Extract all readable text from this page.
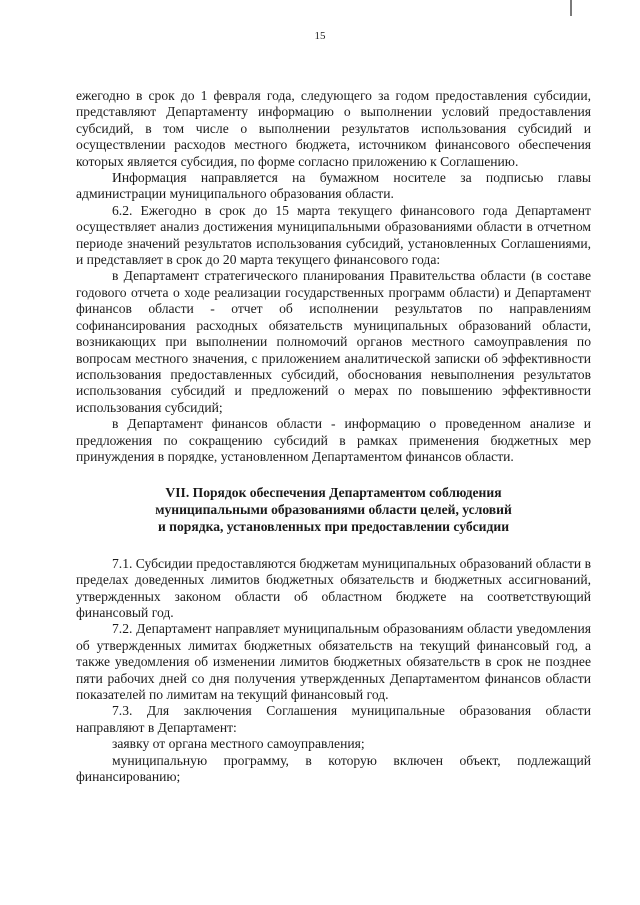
15

ежегодно в срок до 1 февраля года, следующего за годом предоставления субсидии, представляют Департаменту информацию о выполнении условий предоставления субсидий, в том числе о выполнении результатов использования субсидий и осуществлении расходов местного бюджета, источником финансового обеспечения которых является субсидия, по форме согласно приложению к Соглашению.

Информация направляется на бумажном носителе за подписью главы администрации муниципального образования области.

6.2. Ежегодно в срок до 15 марта текущего финансового года Департамент осуществляет анализ достижения муниципальными образованиями области в отчетном периоде значений результатов использования субсидий, установленных Соглашениями, и представляет в срок до 20 марта текущего финансового года:

в Департамент стратегического планирования Правительства области (в составе годового отчета о ходе реализации государственных программ области) и Департамент финансов области - отчет об исполнении результатов по направлениям софинансирования расходных обязательств муниципальных образований области, возникающих при выполнении полномочий органов местного самоуправления по вопросам местного значения, с приложением аналитической записки об эффективности использования предоставленных субсидий, обоснования невыполнения результатов использования субсидий и предложений о мерах по повышению эффективности использования субсидий;

в Департамент финансов области - информацию о проведенном анализе и предложения по сокращению субсидий в рамках применения бюджетных мер принуждения в порядке, установленном Департаментом финансов области.

VII. Порядок обеспечения Департаментом соблюдения
муниципальными образованиями области целей, условий
и порядка, установленных при предоставлении субсидии

7.1. Субсидии предоставляются бюджетам муниципальных образований области в пределах доведенных лимитов бюджетных обязательств и бюджетных ассигнований, утвержденных законом области об областном бюджете на соответствующий финансовый год.

7.2. Департамент направляет муниципальным образованиям области уведомления об утвержденных лимитах бюджетных обязательств на текущий финансовый год, а также уведомления об изменении лимитов бюджетных обязательств в срок не позднее пяти рабочих дней со дня получения утвержденных Департаментом финансов области показателей по лимитам на текущий финансовый год.

7.3. Для заключения Соглашения муниципальные образования области направляют в Департамент:

заявку от органа местного самоуправления;

муниципальную программу, в которую включен объект, подлежащий финансированию;
